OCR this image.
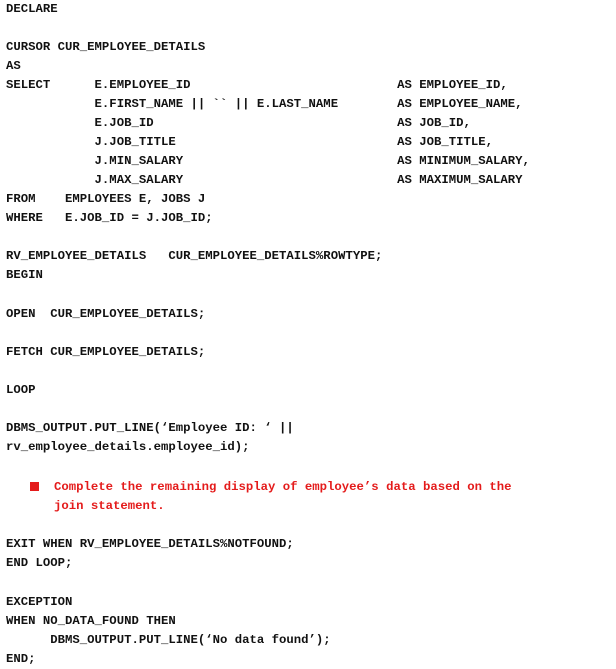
DECLARE
CURSOR CUR_EMPLOYEE_DETAILS
AS
SELECT      E.EMPLOYEE_ID                            AS EMPLOYEE_ID,
E.FIRST_NAME || `` || E.LAST_NAME        AS EMPLOYEE_NAME,
E.JOB_ID                                 AS JOB_ID,
J.JOB_TITLE                              AS JOB_TITLE,
J.MIN_SALARY                             AS MINIMUM_SALARY,
J.MAX_SALARY                             AS MAXIMUM_SALARY
FROM    EMPLOYEES E, JOBS J
WHERE   E.JOB_ID = J.JOB_ID;
RV_EMPLOYEE_DETAILS   CUR_EMPLOYEE_DETAILS%ROWTYPE;
BEGIN
OPEN  CUR_EMPLOYEE_DETAILS;
FETCH CUR_EMPLOYEE_DETAILS;
LOOP
DBMS_OUTPUT.PUT_LINE(‘Employee ID: ‘ ||
rv_employee_details.employee_id);
Complete the remaining display of employee’s data based on the
join statement.
EXIT WHEN RV_EMPLOYEE_DETAILS%NOTFOUND;
END LOOP;
EXCEPTION
WHEN NO_DATA_FOUND THEN
DBMS_OUTPUT.PUT_LINE(‘No data found’);
END;
